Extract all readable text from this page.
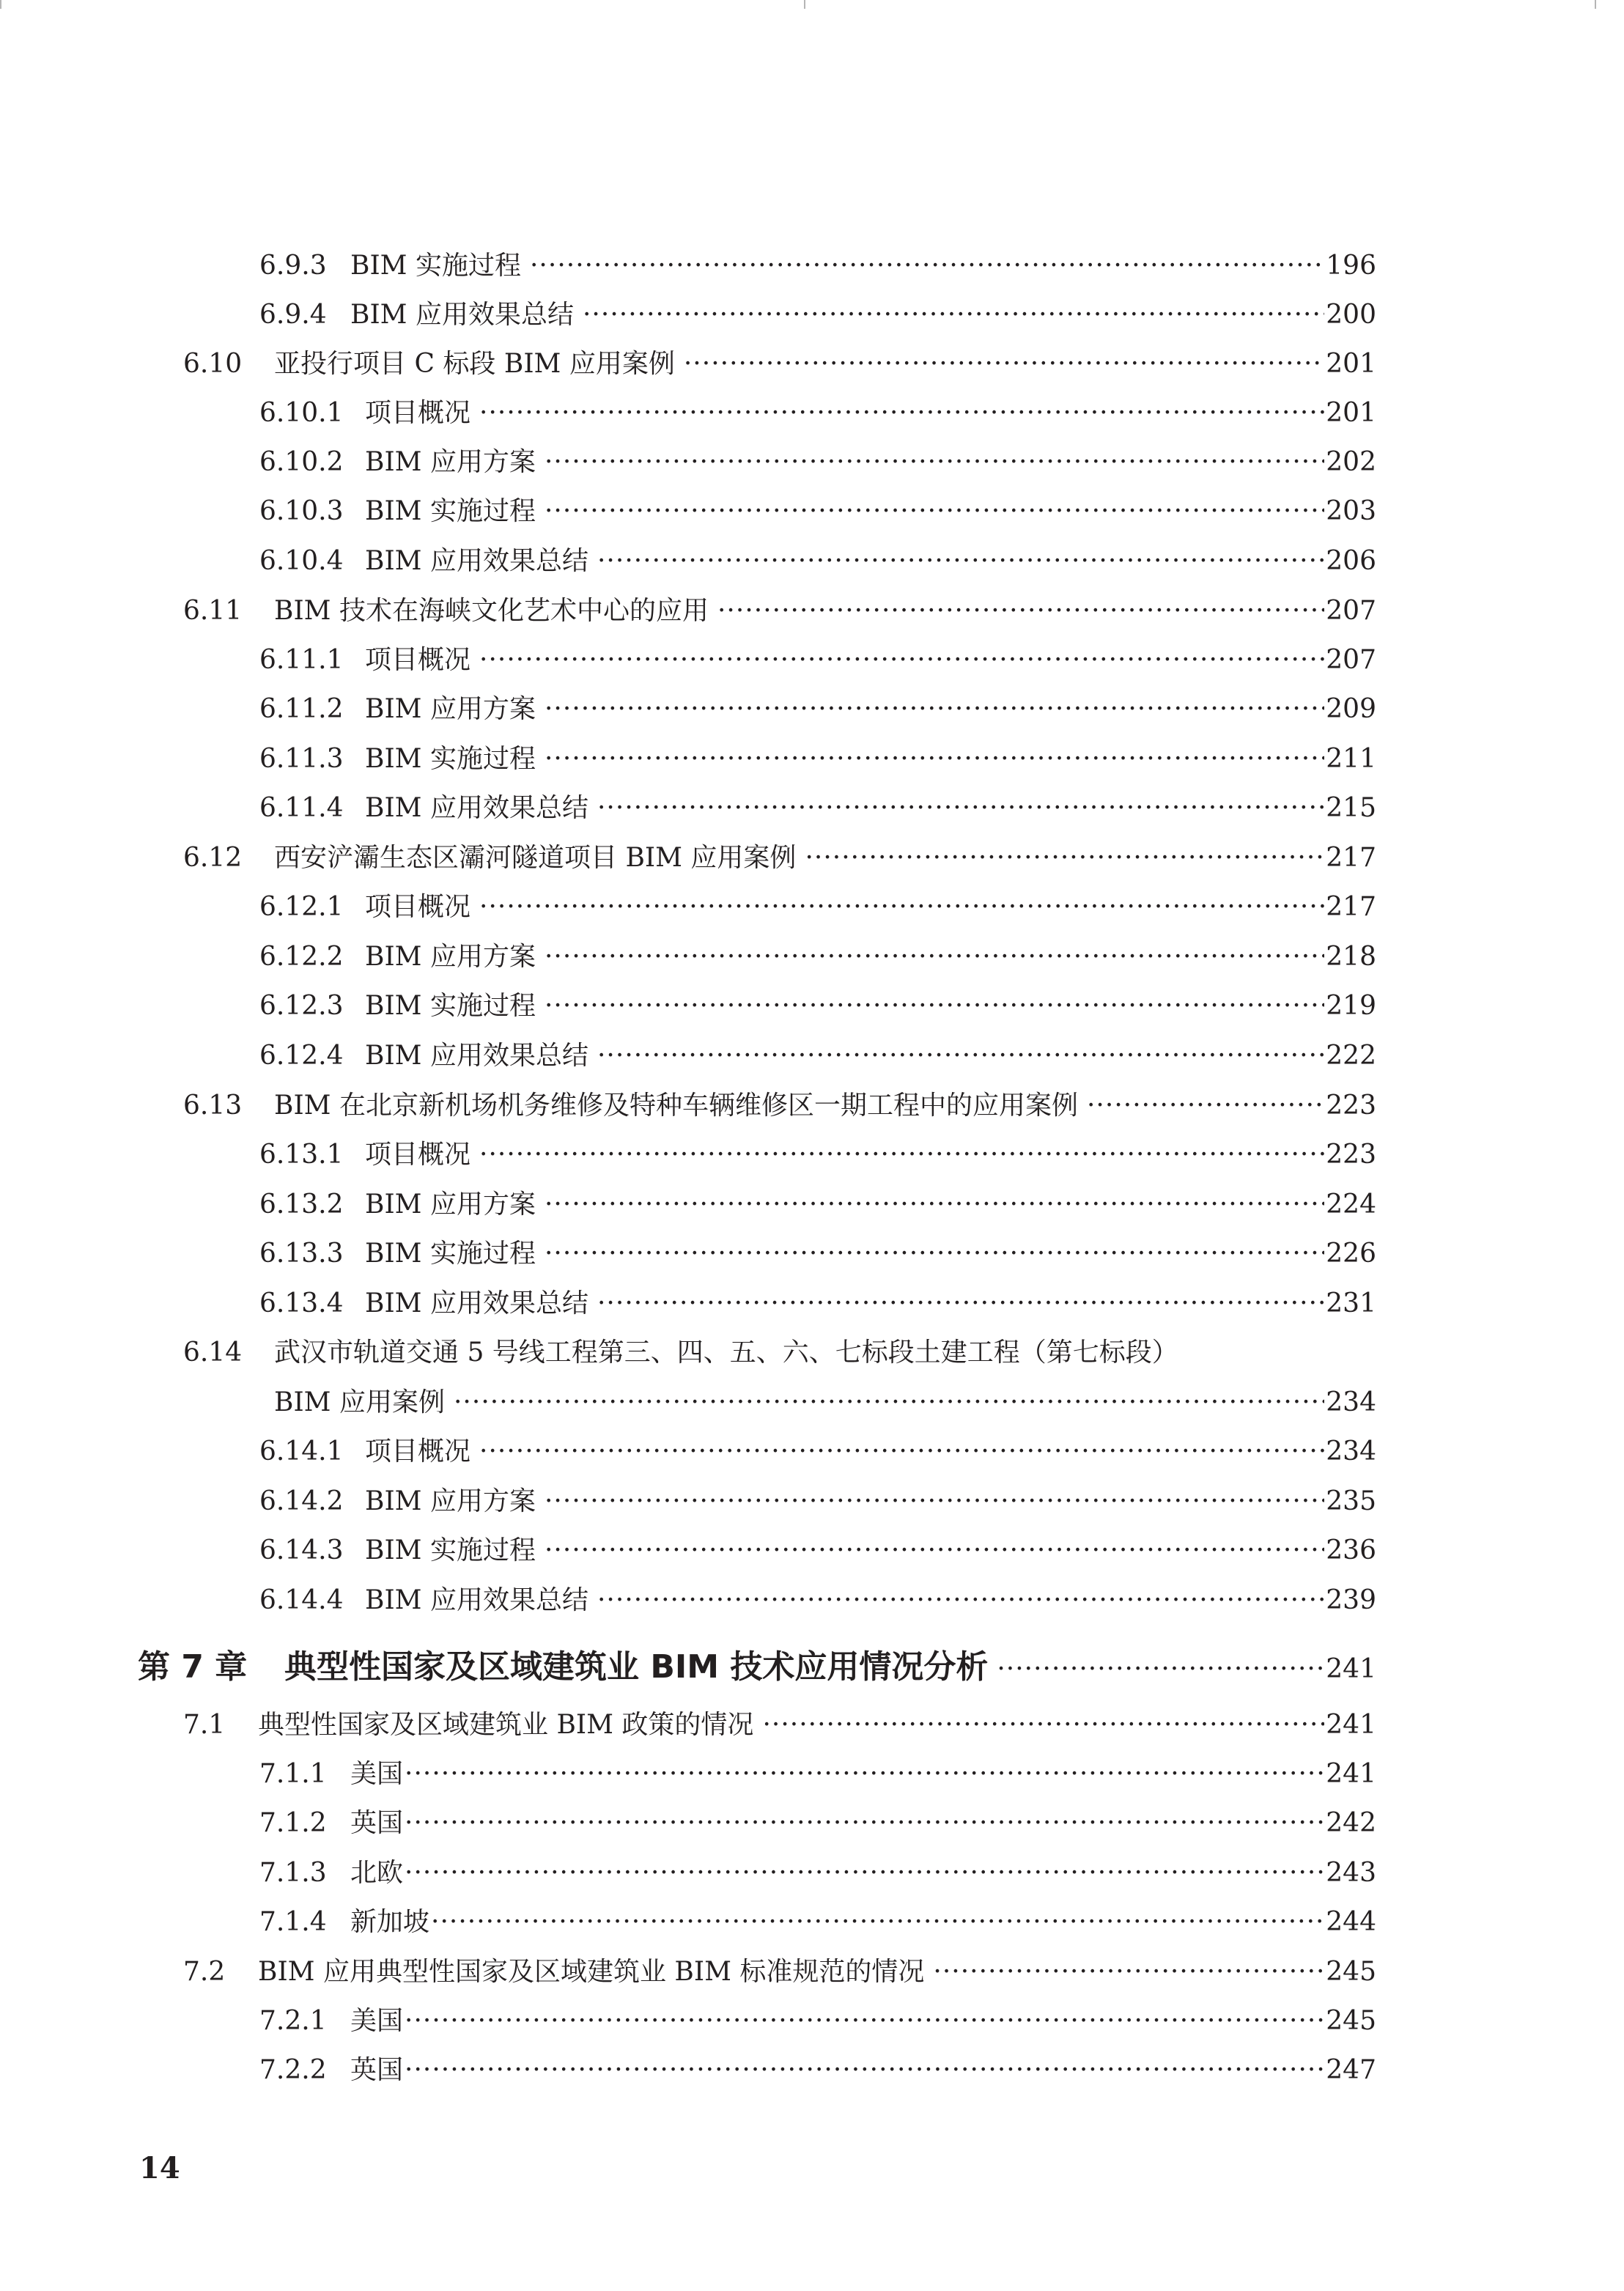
6.9.3 BIM 实施过程 ·····	196
6.9.4 BIM 应用效果总结 ·····	200
6.10	亚投行项目 C 标段 BIM 应用案例 ·····	201
6.10.1 项目概况 ·····	201
6.10.2 BIM 应用方案 ·····	202
6.10.3 BIM 实施过程 ·····	203
6.10.4 BIM 应用效果总结 ·····	206
6.11	BIM 技术在海峡文化艺术中心的应用 ·····	207
6.11.1 项目概况 ·····	207
6.11.2 BIM 应用方案 ·····	209
6.11.3 BIM 实施过程 ·····	211
6.11.4 BIM 应用效果总结 ·····	215
6.12	西安浐灞生态区灞河隧道项目 BIM 应用案例 ·····	217
6.12.1 项目概况 ·····	217
6.12.2 BIM 应用方案 ·····	218
6.12.3 BIM 实施过程 ·····	219
6.12.4 BIM 应用效果总结 ·····	222
6.13	BIM 在北京新机场机务维修及特种车辆维修区一期工程中的应用案例 ·····	223
6.13.1 项目概况 ·····	223
6.13.2 BIM 应用方案 ·····	224
6.13.3 BIM 实施过程 ·····	226
6.13.4 BIM 应用效果总结 ·····	231
6.14	武汉市轨道交通 5 号线工程第三、四、五、六、七标段土建工程（第七标段）
BIM 应用案例 ·····	234
6.14.1 项目概况 ·····	234
6.14.2 BIM 应用方案 ·····	235
6.14.3 BIM 实施过程 ·····	236
6.14.4 BIM 应用效果总结 ·····	239
第 7 章	典型性国家及区域建筑业 BIM 技术应用情况分析 ·····	241
7.1	典型性国家及区域建筑业 BIM 政策的情况 ·····	241
7.1.1 美国 ·····	241
7.1.2 英国 ·····	242
7.1.3 北欧 ·····	243
7.1.4 新加坡 ·····	244
7.2	BIM 应用典型性国家及区域建筑业 BIM 标准规范的情况 ·····	245
7.2.1 美国 ·····	245
7.2.2 英国 ·····	247
14
